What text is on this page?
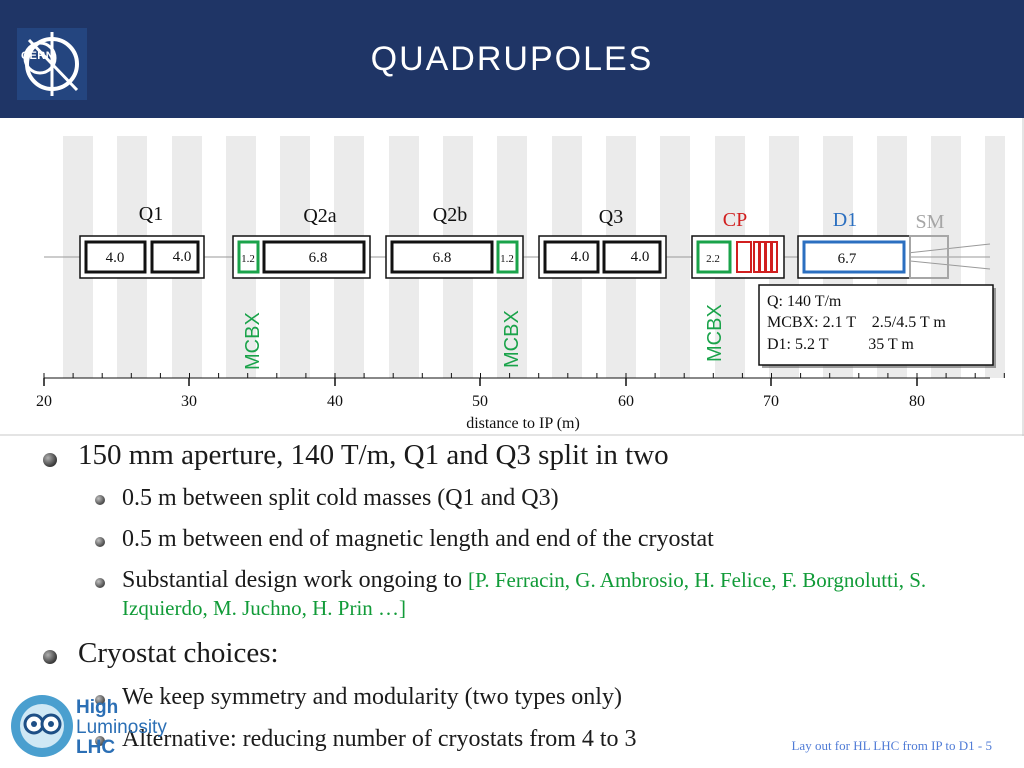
CERN	QUADRUPOLES
Q1
4.0	4.0
Q2a
1.2	6.8
MCBX
Q2b
6.8	1.2
MCBX
Q3
4.0	4.0
CP
2.2
MCBX
D1
6.7
SM
Q: 140 T/m
MCBX: 2.1 T    2.5/4.5 T m
D1: 5.2 T          35 T m
20	30	40	50	60	70	80
distance to IP (m)
150 mm aperture, 140 T/m, Q1 and Q3 split in two
0.5 m between split cold masses (Q1 and Q3)
0.5 m between end of magnetic length and end of the cryostat
Substantial design work ongoing to [P. Ferracin, G. Ambrosio, H. Felice, F. Borgnolutti, S. Izquierdo, M. Juchno, H. Prin …]
Cryostat choices:
We keep symmetry and modularity (two types only)
Alternative: reducing number of cryostats from 4 to 3
High
Luminosity
LHC	Lay out for HL LHC from IP to D1 - 5
